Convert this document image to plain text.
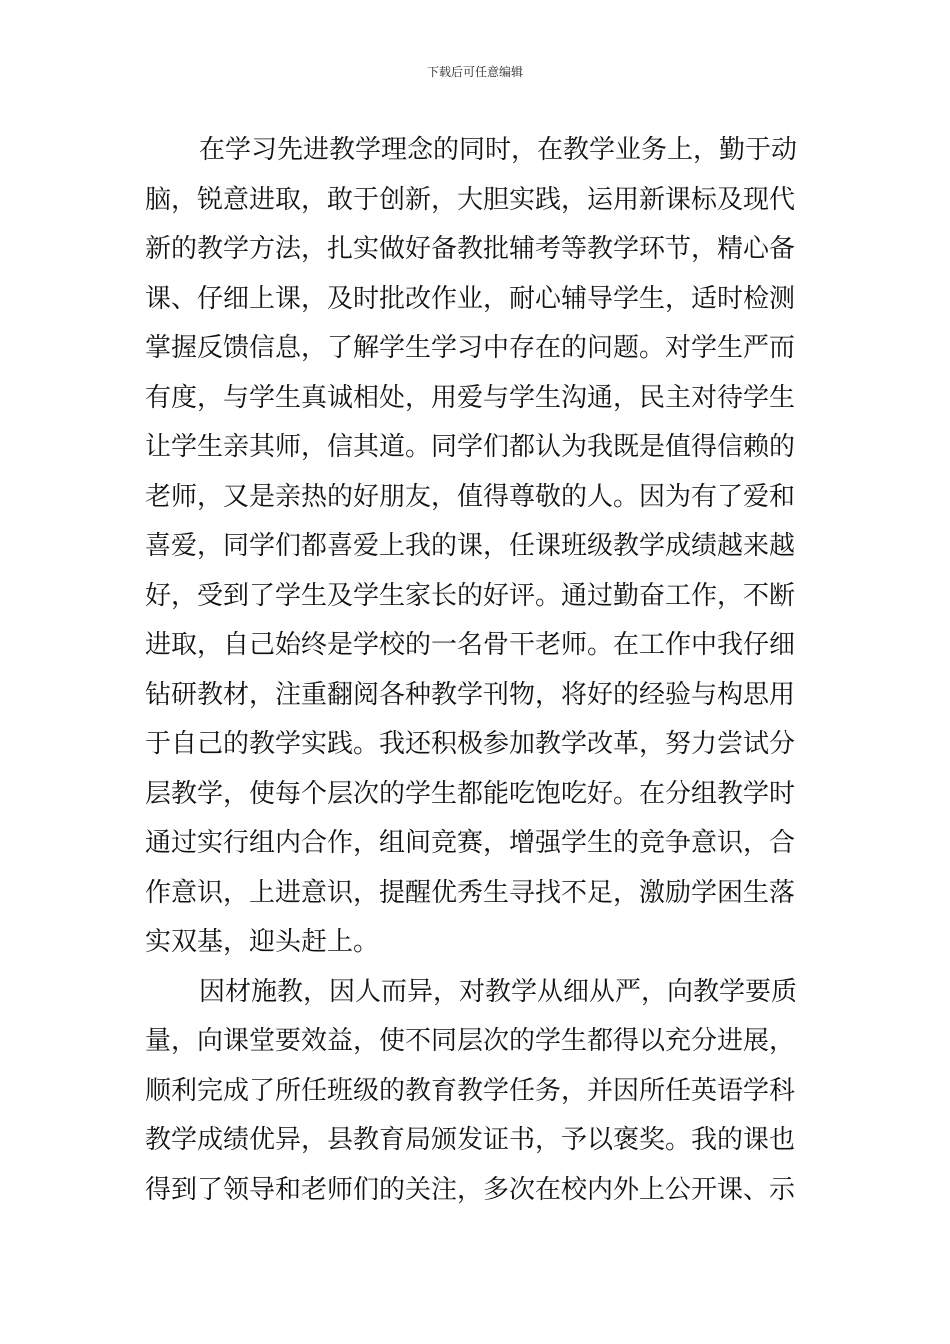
下载后可任意编辑
在学习先进教学理念的同时，在教学业务上，勤于动
脑，锐意进取，敢于创新，大胆实践，运用新课标及现代
新的教学方法，扎实做好备教批辅考等教学环节，精心备
课、仔细上课，及时批改作业，耐心辅导学生，适时检测
掌握反馈信息，了解学生学习中存在的问题。对学生严而
有度，与学生真诚相处，用爱与学生沟通，民主对待学生
让学生亲其师，信其道。同学们都认为我既是值得信赖的
老师，又是亲热的好朋友，值得尊敬的人。因为有了爱和
喜爱，同学们都喜爱上我的课，任课班级教学成绩越来越
好，受到了学生及学生家长的好评。通过勤奋工作，不断
进取，自己始终是学校的一名骨干老师。在工作中我仔细
钻研教材，注重翻阅各种教学刊物，将好的经验与构思用
于自己的教学实践。我还积极参加教学改革，努力尝试分
层教学，使每个层次的学生都能吃饱吃好。在分组教学时
通过实行组内合作，组间竞赛，增强学生的竞争意识，合
作意识，上进意识，提醒优秀生寻找不足，激励学困生落
实双基，迎头赶上。
因材施教，因人而异，对教学从细从严，向教学要质
量，向课堂要效益，使不同层次的学生都得以充分进展，
顺利完成了所任班级的教育教学任务，并因所任英语学科
教学成绩优异，县教育局颁发证书，予以褒奖。我的课也
得到了领导和老师们的关注，多次在校内外上公开课、示
